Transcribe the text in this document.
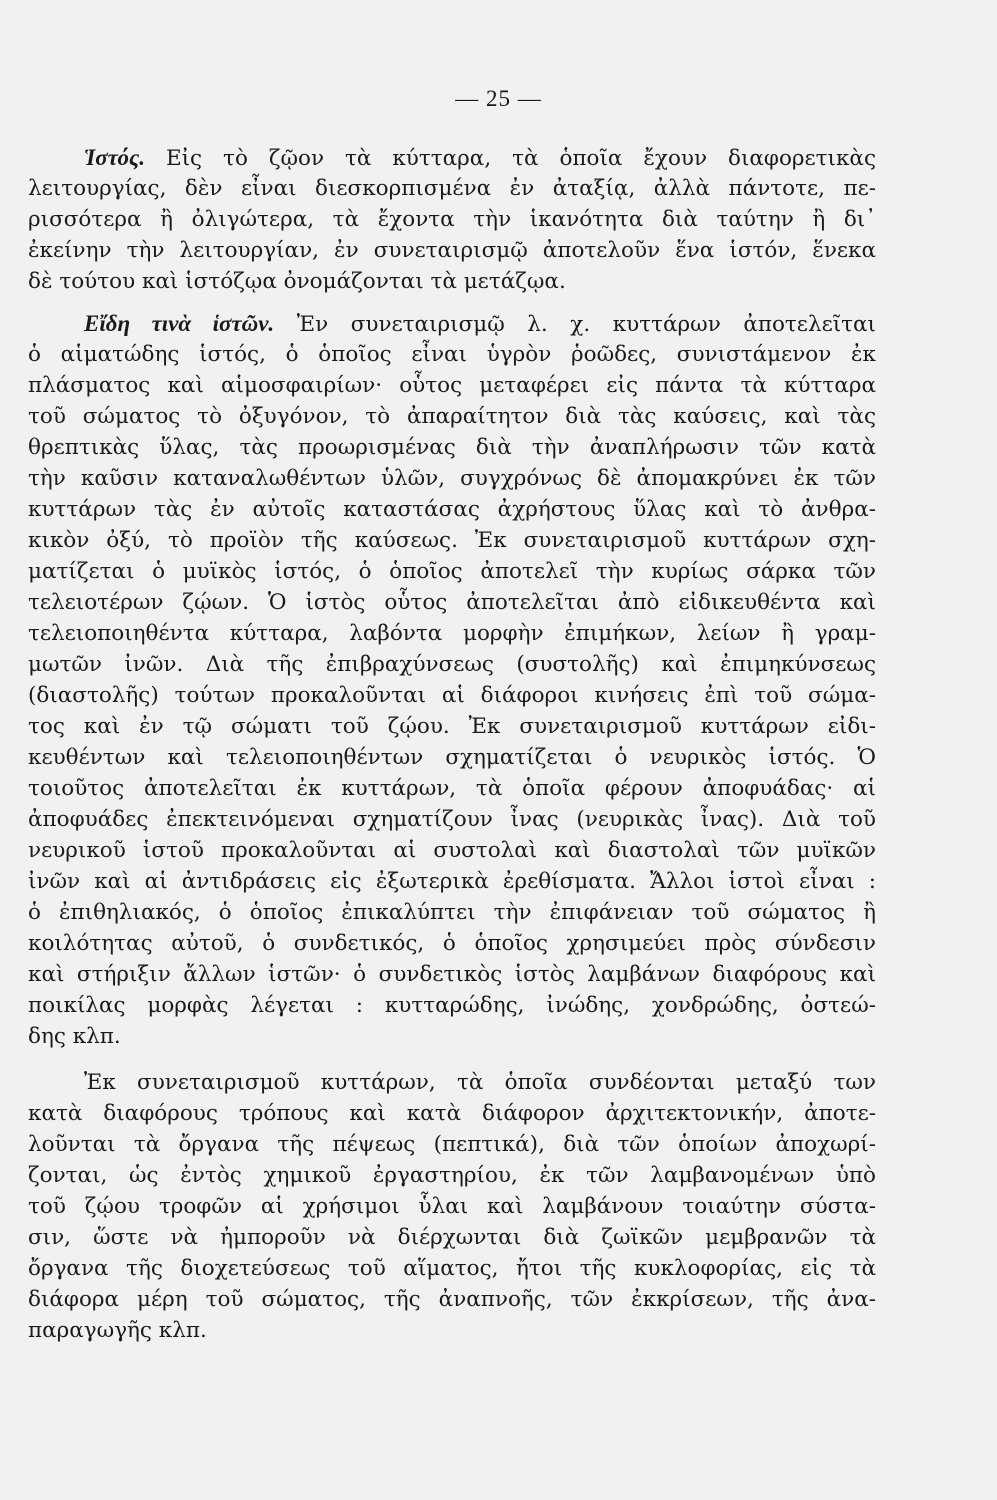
— 25 —
Ἱστός. Εἰς τὸ ζῷον τὰ κύτταρα, τὰ ὁποῖα ἔχουν διαφορετικὰς
λειτουργίας, δὲν εἶναι διεσκορπισμένα ἐν ἀταξίᾳ, ἀλλὰ πάντοτε, πε-
ρισσότερα ἢ ὀλιγώτερα, τὰ ἔχοντα τὴν ἱκανότητα διὰ ταύτην ἢ δι᾽
ἐκείνην τὴν λειτουργίαν, ἐν συνεταιρισμῷ ἀποτελοῦν ἕνα ἱστόν, ἕνεκα
δὲ τούτου καὶ ἱστόζῳα ὀνομάζονται τὰ μετάζῳα.
Εἴδη τινὰ ἱστῶν. Ἐν συνεταιρισμῷ λ. χ. κυττάρων ἀποτελεῖται
ὁ αἱματώδης ἱστός, ὁ ὁποῖος εἶναι ὑγρὸν ῥοῶδες, συνιστάμενον ἐκ
πλάσματος καὶ αἱμοσφαιρίων· οὗτος μεταφέρει εἰς πάντα τὰ κύτταρα
τοῦ σώματος τὸ ὀξυγόνον, τὸ ἀπαραίτητον διὰ τὰς καύσεις, καὶ τὰς
θρεπτικὰς ὕλας, τὰς προωρισμένας διὰ τὴν ἀναπλήρωσιν τῶν κατὰ
τὴν καῦσιν καταναλωθέντων ὑλῶν, συγχρόνως δὲ ἀπομακρύνει ἐκ τῶν
κυττάρων τὰς ἐν αὐτοῖς καταστάσας ἀχρήστους ὕλας καὶ τὸ ἀνθρα-
κικὸν ὀξύ, τὸ προϊὸν τῆς καύσεως. Ἐκ συνεταιρισμοῦ κυττάρων σχη-
ματίζεται ὁ μυϊκὸς ἱστός, ὁ ὁποῖος ἀποτελεῖ τὴν κυρίως σάρκα τῶν
τελειοτέρων ζῴων. Ὁ ἱστὸς οὗτος ἀποτελεῖται ἀπὸ εἰδικευθέντα καὶ
τελειοποιηθέντα κύτταρα, λαβόντα μορφὴν ἐπιμήκων, λείων ἢ γραμ-
μωτῶν ἰνῶν. Διὰ τῆς ἐπιβραχύνσεως (συστολῆς) καὶ ἐπιμηκύνσεως
(διαστολῆς) τούτων προκαλοῦνται αἱ διάφοροι κινήσεις ἐπὶ τοῦ σώμα-
τος καὶ ἐν τῷ σώματι τοῦ ζῴου. Ἐκ συνεταιρισμοῦ κυττάρων εἰδι-
κευθέντων καὶ τελειοποιηθέντων σχηματίζεται ὁ νευρικὸς ἱστός. Ὁ
τοιοῦτος ἀποτελεῖται ἐκ κυττάρων, τὰ ὁποῖα φέρουν ἀποφυάδας· αἱ
ἀποφυάδες ἐπεκτεινόμεναι σχηματίζουν ἶνας (νευρικὰς ἶνας). Διὰ τοῦ
νευρικοῦ ἱστοῦ προκαλοῦνται αἱ συστολαὶ καὶ διαστολαὶ τῶν μυϊκῶν
ἰνῶν καὶ αἱ ἀντιδράσεις εἰς ἐξωτερικὰ ἐρεθίσματα. Ἄλλοι ἱστοὶ εἶναι :
ὁ ἐπιθηλιακός, ὁ ὁποῖος ἐπικαλύπτει τὴν ἐπιφάνειαν τοῦ σώματος ἢ
κοιλότητας αὐτοῦ, ὁ συνδετικός, ὁ ὁποῖος χρησιμεύει πρὸς σύνδεσιν
καὶ στήριξιν ἄλλων ἱστῶν· ὁ συνδετικὸς ἱστὸς λαμβάνων διαφόρους καὶ
ποικίλας μορφὰς λέγεται : κυτταρώδης, ἰνώδης, χονδρώδης, ὀστεώ-
δης κλπ.
Ἐκ συνεταιρισμοῦ κυττάρων, τὰ ὁποῖα συνδέονται μεταξύ των
κατὰ διαφόρους τρόπους καὶ κατὰ διάφορον ἀρχιτεκτονικήν, ἀποτε-
λοῦνται τὰ ὄργανα τῆς πέψεως (πεπτικά), διὰ τῶν ὁποίων ἀποχωρί-
ζονται, ὡς ἐντὸς χημικοῦ ἐργαστηρίου, ἐκ τῶν λαμβανομένων ὑπὸ
τοῦ ζῴου τροφῶν αἱ χρήσιμοι ὗλαι καὶ λαμβάνουν τοιαύτην σύστα-
σιν, ὥστε νὰ ἠμποροῦν νὰ διέρχωνται διὰ ζωϊκῶν μεμβρανῶν τὰ
ὄργανα τῆς διοχετεύσεως τοῦ αἵματος, ἤτοι τῆς κυκλοφορίας, εἰς τὰ
διάφορα μέρη τοῦ σώματος, τῆς ἀναπνοῆς, τῶν ἐκκρίσεων, τῆς ἀνα-
παραγωγῆς κλπ.
